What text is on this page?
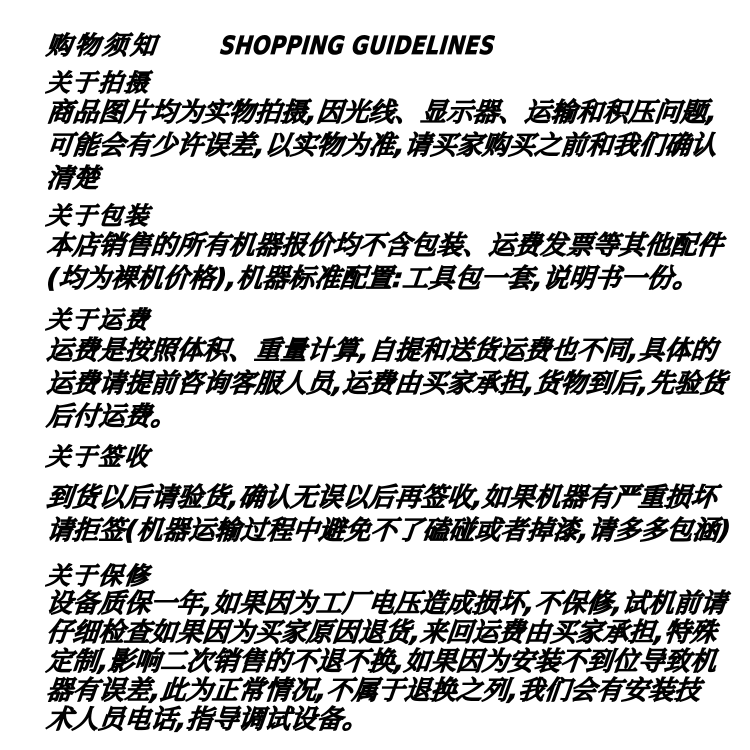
购物须知 SHOPPING GUIDELINES
关于拍摄
商品图片均为实物拍摄,因光线、显示器、运输和积压问题,
可能会有少许误差,以实物为准,请买家购买之前和我们确认
清楚
关于包装
本店销售的所有机器报价均不含包装、运费发票等其他配件
(均为裸机价格),机器标准配置:工具包一套,说明书一份。
关于运费
运费是按照体积、重量计算,自提和送货运费也不同,具体的
运费请提前咨询客服人员,运费由买家承担,货物到后,先验货
后付运费。
关于签收
到货以后请验货,确认无误以后再签收,如果机器有严重损坏
请拒签(机器运输过程中避免不了磕碰或者掉漆,请多多包涵)
关于保修
设备质保一年,如果因为工厂电压造成损坏,不保修,试机前请
仔细检查如果因为买家原因退货,来回运费由买家承担,特殊
定制,影响二次销售的不退不换,如果因为安装不到位导致机
器有误差,此为正常情况,不属于退换之列,我们会有安装技
术人员电话,指导调试设备。
